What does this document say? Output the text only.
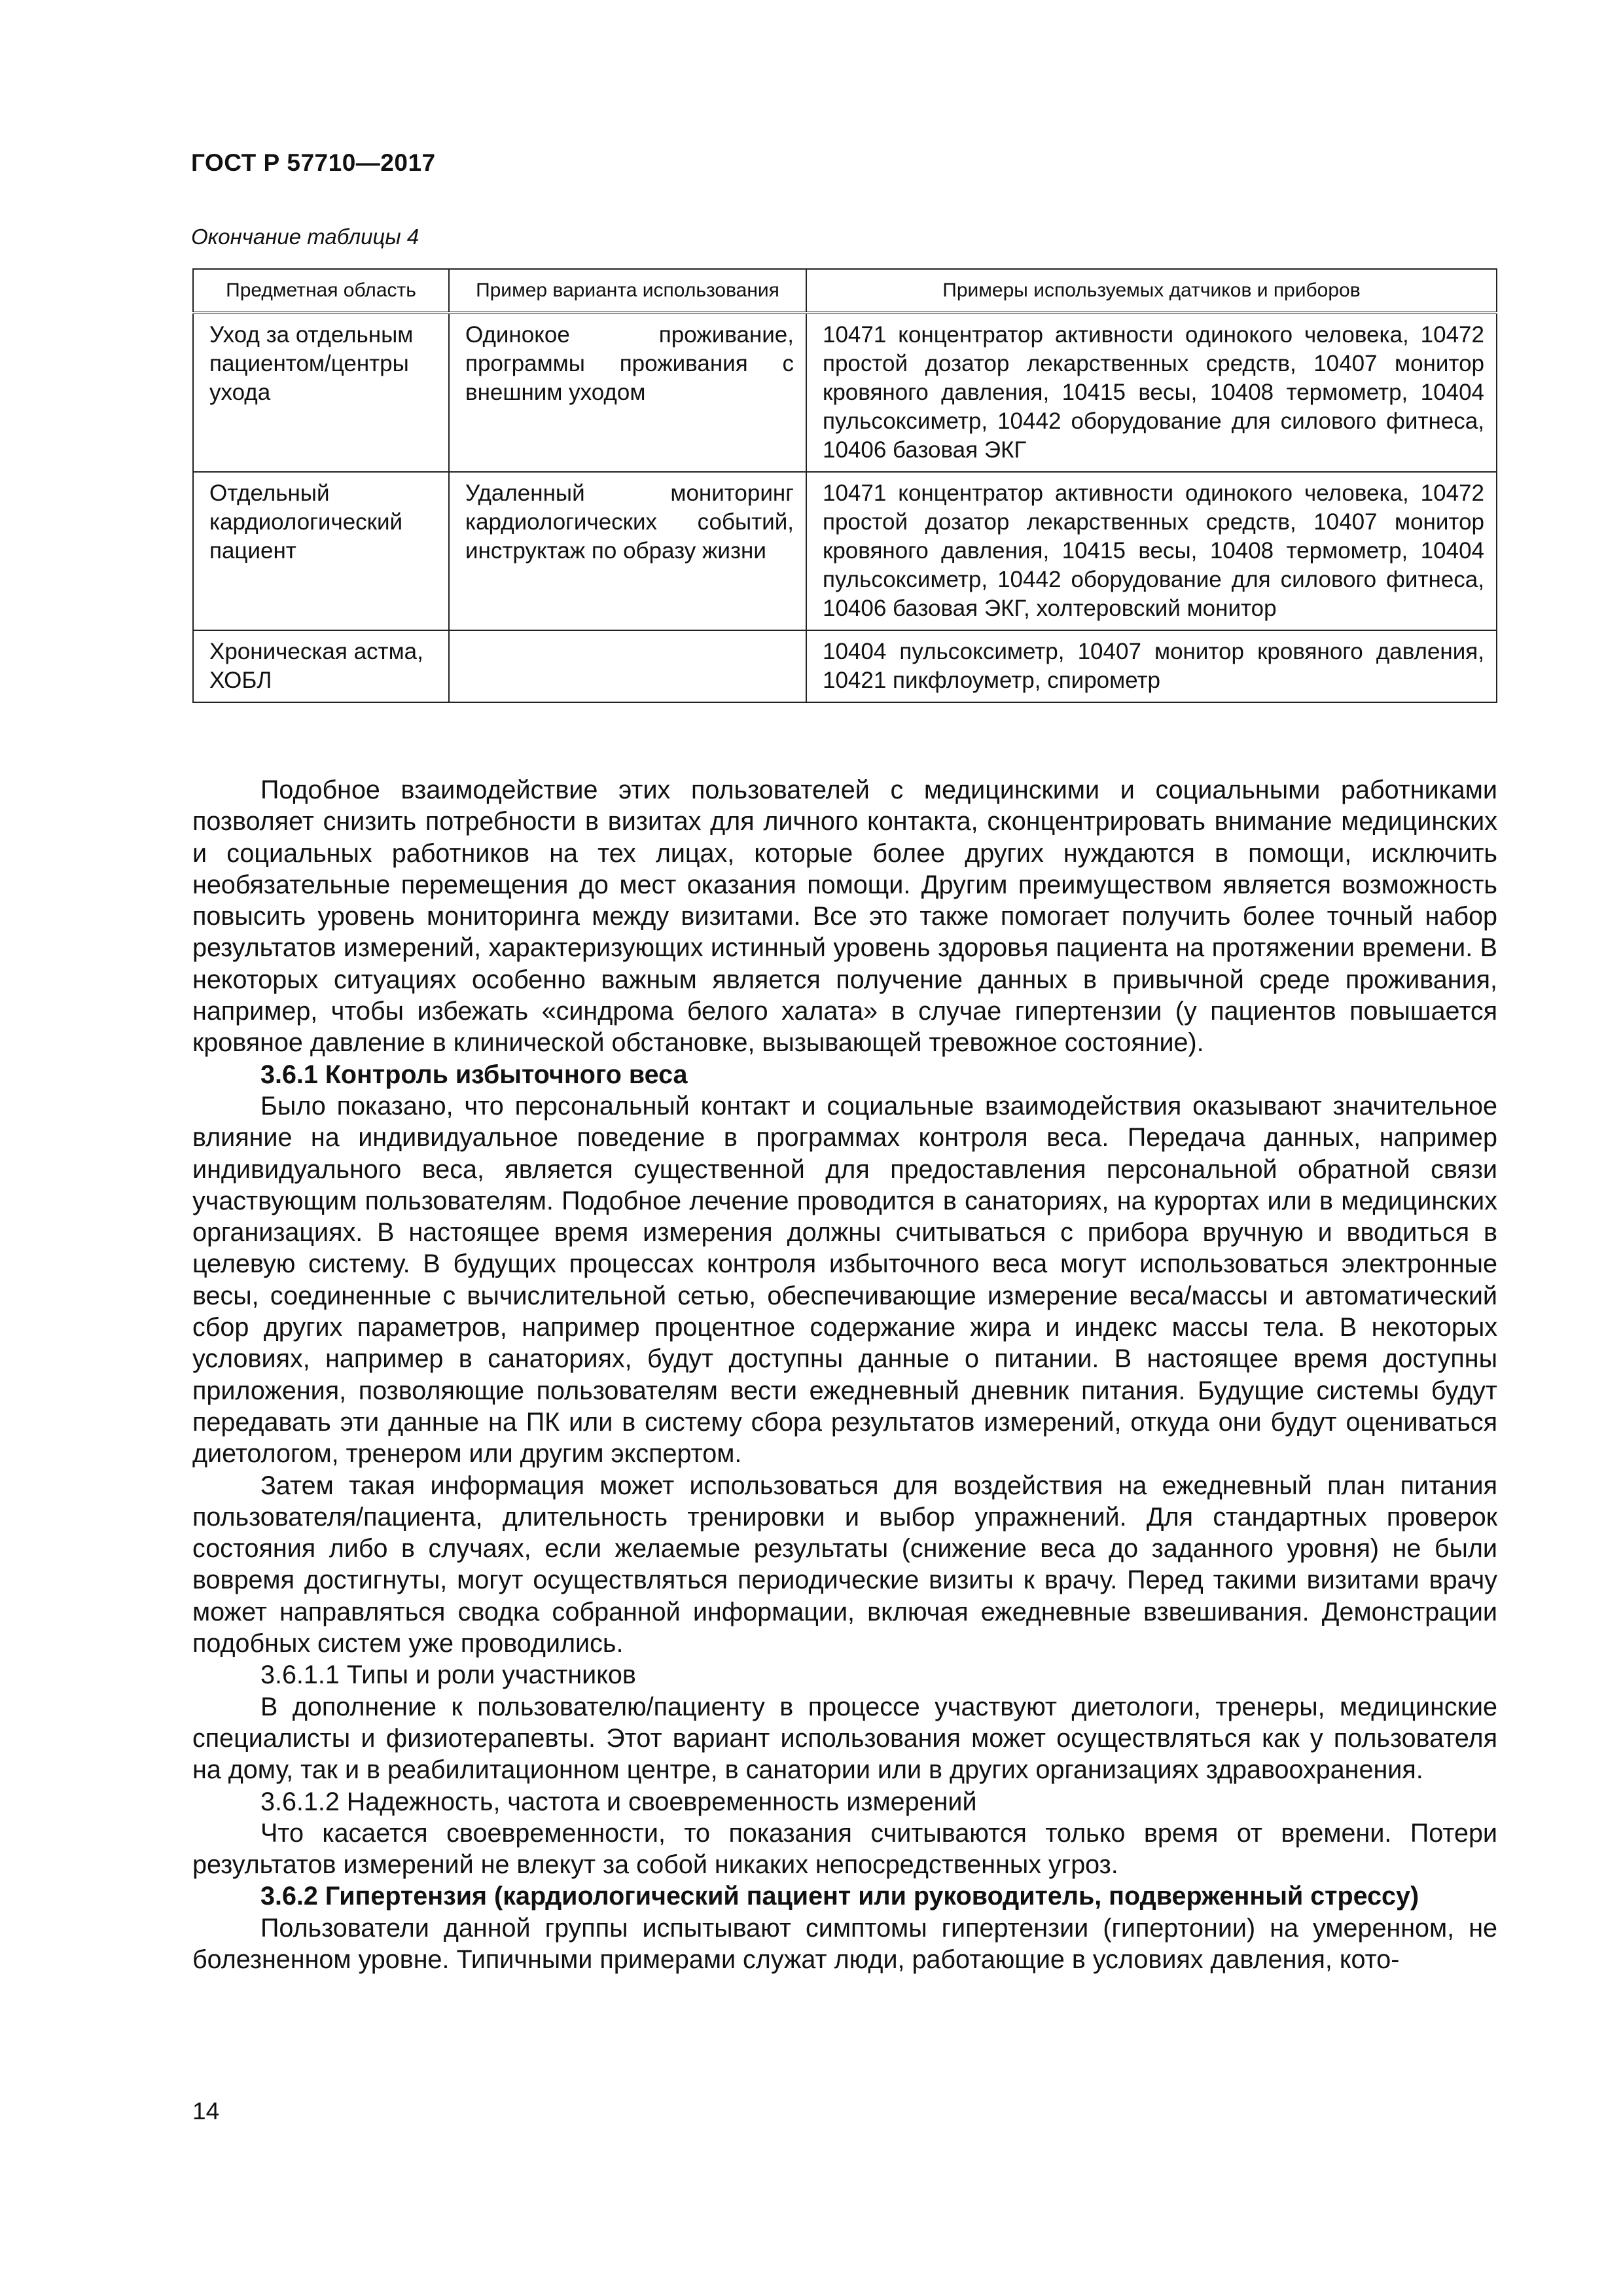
ГОСТ Р 57710—2017
Окончание таблицы 4
Предметная область	Пример варианта использования	Примеры используемых датчиков и приборов
Уход за отдельным пациентом/центры ухода	Одинокое проживание, программы проживания с внешним уходом	10471 концентратор активности одинокого человека, 10472 простой дозатор лекарственных средств, 10407 монитор кровяного давления, 10415 весы, 10408 термометр, 10404 пульсоксиметр, 10442 оборудование для силового фитнеса, 10406 базовая ЭКГ
Отдельный кардиологический пациент	Удаленный мониторинг кардиологических событий, инструктаж по образу жизни	10471 концентратор активности одинокого человека, 10472 простой дозатор лекарственных средств, 10407 монитор кровяного давления, 10415 весы, 10408 термометр, 10404 пульсоксиметр, 10442 оборудование для силового фитнеса, 10406 базовая ЭКГ, холтеровский монитор
Хроническая астма, ХОБЛ		10404 пульсоксиметр, 10407 монитор кровяного давления, 10421 пикфлоуметр, спирометр

Подобное взаимодействие этих пользователей с медицинскими и социальными работниками позволяет снизить потребности в визитах для личного контакта, сконцентрировать внимание медицинских и социальных работников на тех лицах, которые более других нуждаются в помощи, исключить необязательные перемещения до мест оказания помощи. Другим преимуществом является возможность повысить уровень мониторинга между визитами. Все это также помогает получить более точный набор результатов измерений, характеризующих истинный уровень здоровья пациента на протяжении времени. В некоторых ситуациях особенно важным является получение данных в привычной среде проживания, например, чтобы избежать «синдрома белого халата» в случае гипертензии (у пациентов повышается кровяное давление в клинической обстановке, вызывающей тревожное состояние).

3.6.1 Контроль избыточного веса

Было показано, что персональный контакт и социальные взаимодействия оказывают значительное влияние на индивидуальное поведение в программах контроля веса. Передача данных, например индивидуального веса, является существенной для предоставления персональной обратной связи участвующим пользователям. Подобное лечение проводится в санаториях, на курортах или в медицинских организациях. В настоящее время измерения должны считываться с прибора вручную и вводиться в целевую систему. В будущих процессах контроля избыточного веса могут использоваться электронные весы, соединенные с вычислительной сетью, обеспечивающие измерение веса/массы и автоматический сбор других параметров, например процентное содержание жира и индекс массы тела. В некоторых условиях, например в санаториях, будут доступны данные о питании. В настоящее время доступны приложения, позволяющие пользователям вести ежедневный дневник питания. Будущие системы будут передавать эти данные на ПК или в систему сбора результатов измерений, откуда они будут оцениваться диетологом, тренером или другим экспертом.

Затем такая информация может использоваться для воздействия на ежедневный план питания пользователя/пациента, длительность тренировки и выбор упражнений. Для стандартных проверок состояния либо в случаях, если желаемые результаты (снижение веса до заданного уровня) не были вовремя достигнуты, могут осуществляться периодические визиты к врачу. Перед такими визитами врачу может направляться сводка собранной информации, включая ежедневные взвешивания. Демонстрации подобных систем уже проводились.

3.6.1.1 Типы и роли участников

В дополнение к пользователю/пациенту в процессе участвуют диетологи, тренеры, медицинские специалисты и физиотерапевты. Этот вариант использования может осуществляться как у пользователя на дому, так и в реабилитационном центре, в санатории или в других организациях здравоохранения.

3.6.1.2 Надежность, частота и своевременность измерений

Что касается своевременности, то показания считываются только время от времени. Потери результатов измерений не влекут за собой никаких непосредственных угроз.

3.6.2 Гипертензия (кардиологический пациент или руководитель, подверженный стрессу)

Пользователи данной группы испытывают симптомы гипертензии (гипертонии) на умеренном, не болезненном уровне. Типичными примерами служат люди, работающие в условиях давления, кото-

14
